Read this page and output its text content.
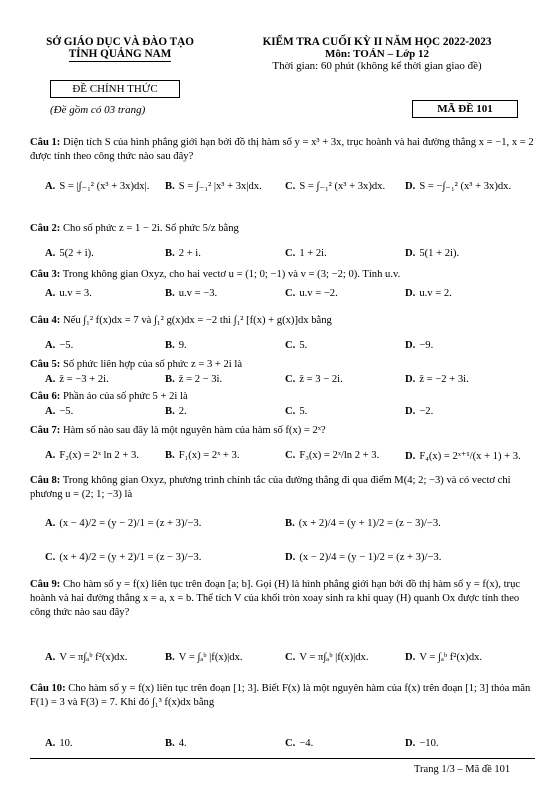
SỞ GIÁO DỤC VÀ ĐÀO TẠO
TỈNH QUẢNG NAM
ĐỀ CHÍNH THỨC
(Đề gồm có 03 trang)
KIỂM TRA CUỐI KỲ II NĂM HỌC 2022-2023
Môn: TOÁN – Lớp 12
Thời gian: 60 phút (không kể thời gian giao đề)
MÃ ĐỀ 101
Câu 1: Diện tích S của hình phẳng giới hạn bởi đồ thị hàm số y = x³ + 3x, trục hoành và hai đường thẳng x = −1, x = 2 được tính theo công thức nào sau đây?
A. S = |∫₋₁² (x³ + 3x)dx|. B. S = ∫₋₁² |x³ + 3x|dx. C. S = ∫₋₁² (x³ + 3x)dx. D. S = −∫₋₁² (x³ + 3x)dx.
Câu 2: Cho số phức z = 1 − 2i. Số phức 5/z bằng
A. 5(2 + i).	B. 2 + i.	C. 1 + 2i.	D. 5(1 + 2i).
Câu 3: Trong không gian Oxyz, cho hai vectơ u = (1; 0; −1) và v = (3; −2; 0). Tính u.v.
A. u.v = 3.	B. u.v = −3.	C. u.v = −2.	D. u.v = 2.
Câu 4: Nếu ∫₁² f(x)dx = 7 và ∫₁² g(x)dx = −2 thì ∫₁² [f(x) + g(x)]dx bằng
A. −5.	B. 9.	C. 5.	D. −9.
Câu 5: Số phức liên hợp của số phức z = 3 + 2i là
A. z̄ = −3 + 2i.	B. z̄ = 2 − 3i.	C. z̄ = 3 − 2i.	D. z̄ = −2 + 3i.
Câu 6: Phần ảo của số phức 5 + 2i là
A. −5.	B. 2.	C. 5.	D. −2.
Câu 7: Hàm số nào sau đây là một nguyên hàm của hàm số f(x) = 2ˣ?
A. F₂(x) = 2ˣ ln 2 + 3. B. F₁(x) = 2ˣ + 3.	C. F₃(x) = 2ˣ/ln 2 + 3. D. F₄(x) = 2ˣ⁺¹/(x + 1) + 3.
Câu 8: Trong không gian Oxyz, phương trình chính tắc của đường thẳng đi qua điểm M(4; 2; −3) và có vectơ chỉ phương u = (2; 1; −3) là
A. (x − 4)/2 = (y − 2)/1 = (z + 3)/−3.	B. (x + 2)/4 = (y + 1)/2 = (z − 3)/−3.
C. (x + 4)/2 = (y + 2)/1 = (z − 3)/−3.	D. (x − 2)/4 = (y − 1)/2 = (z + 3)/−3.
Câu 9: Cho hàm số y = f(x) liên tục trên đoạn [a; b]. Gọi (H) là hình phẳng giới hạn bởi đồ thị hàm số y = f(x), trục hoành và hai đường thẳng x = a, x = b. Thể tích V của khối tròn xoay sinh ra khi quay (H) quanh Ox được tính theo công thức nào sau đây?
A. V = π∫ₐᵇ f²(x)dx.	B. V = ∫ₐᵇ |f(x)|dx.	C. V = π∫ₐᵇ |f(x)|dx.	D. V = ∫ₐᵇ f²(x)dx.
Câu 10: Cho hàm số y = f(x) liên tục trên đoạn [1; 3]. Biết F(x) là một nguyên hàm của f(x) trên đoạn [1; 3] thỏa mãn F(1) = 3 và F(3) = 7. Khi đó ∫₁³ f(x)dx bằng
A. 10.	B. 4.	C. −4.	D. −10.
Trang 1/3 – Mã đề 101
